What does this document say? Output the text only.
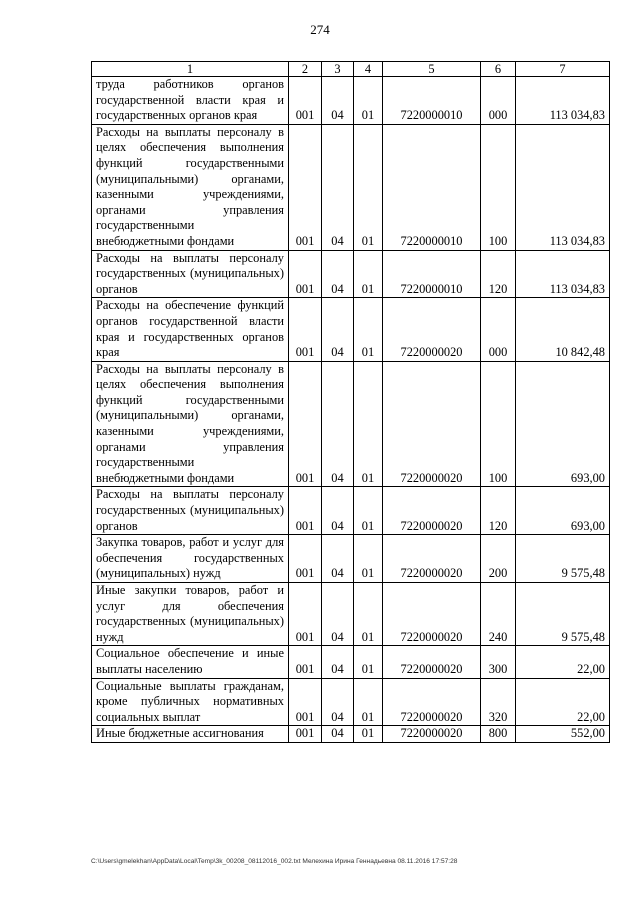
274
1	2	3	4	5	6	7
труда работников органов государственной власти края и государственных органов края	001	04	01	7220000010	000	113 034,83
Расходы на выплаты персоналу в целях обеспечения выполнения функций государственными (муниципальными) органами, казенными учреждениями, органами управления государственными внебюджетными фондами	001	04	01	7220000010	100	113 034,83
Расходы на выплаты персоналу государственных (муниципальных) органов	001	04	01	7220000010	120	113 034,83
Расходы на обеспечение функций органов государственной власти края и государственных органов края	001	04	01	7220000020	000	10 842,48
Расходы на выплаты персоналу в целях обеспечения выполнения функций государственными (муниципальными) органами, казенными учреждениями, органами управления государственными внебюджетными фондами	001	04	01	7220000020	100	693,00
Расходы на выплаты персоналу государственных (муниципальных) органов	001	04	01	7220000020	120	693,00
Закупка товаров, работ и услуг для обеспечения государственных (муниципальных) нужд	001	04	01	7220000020	200	9 575,48
Иные закупки товаров, работ и услуг для обеспечения государственных (муниципальных) нужд	001	04	01	7220000020	240	9 575,48
Социальное обеспечение и иные выплаты населению	001	04	01	7220000020	300	22,00
Социальные выплаты гражданам, кроме публичных нормативных социальных выплат	001	04	01	7220000020	320	22,00
Иные бюджетные ассигнования	001	04	01	7220000020	800	552,00
C:\Users\gmelekhan\AppData\Local\Temp\3k_00208_08112016_002.txt Мелехина Ирина Геннадьевна 08.11.2016 17:57:28
